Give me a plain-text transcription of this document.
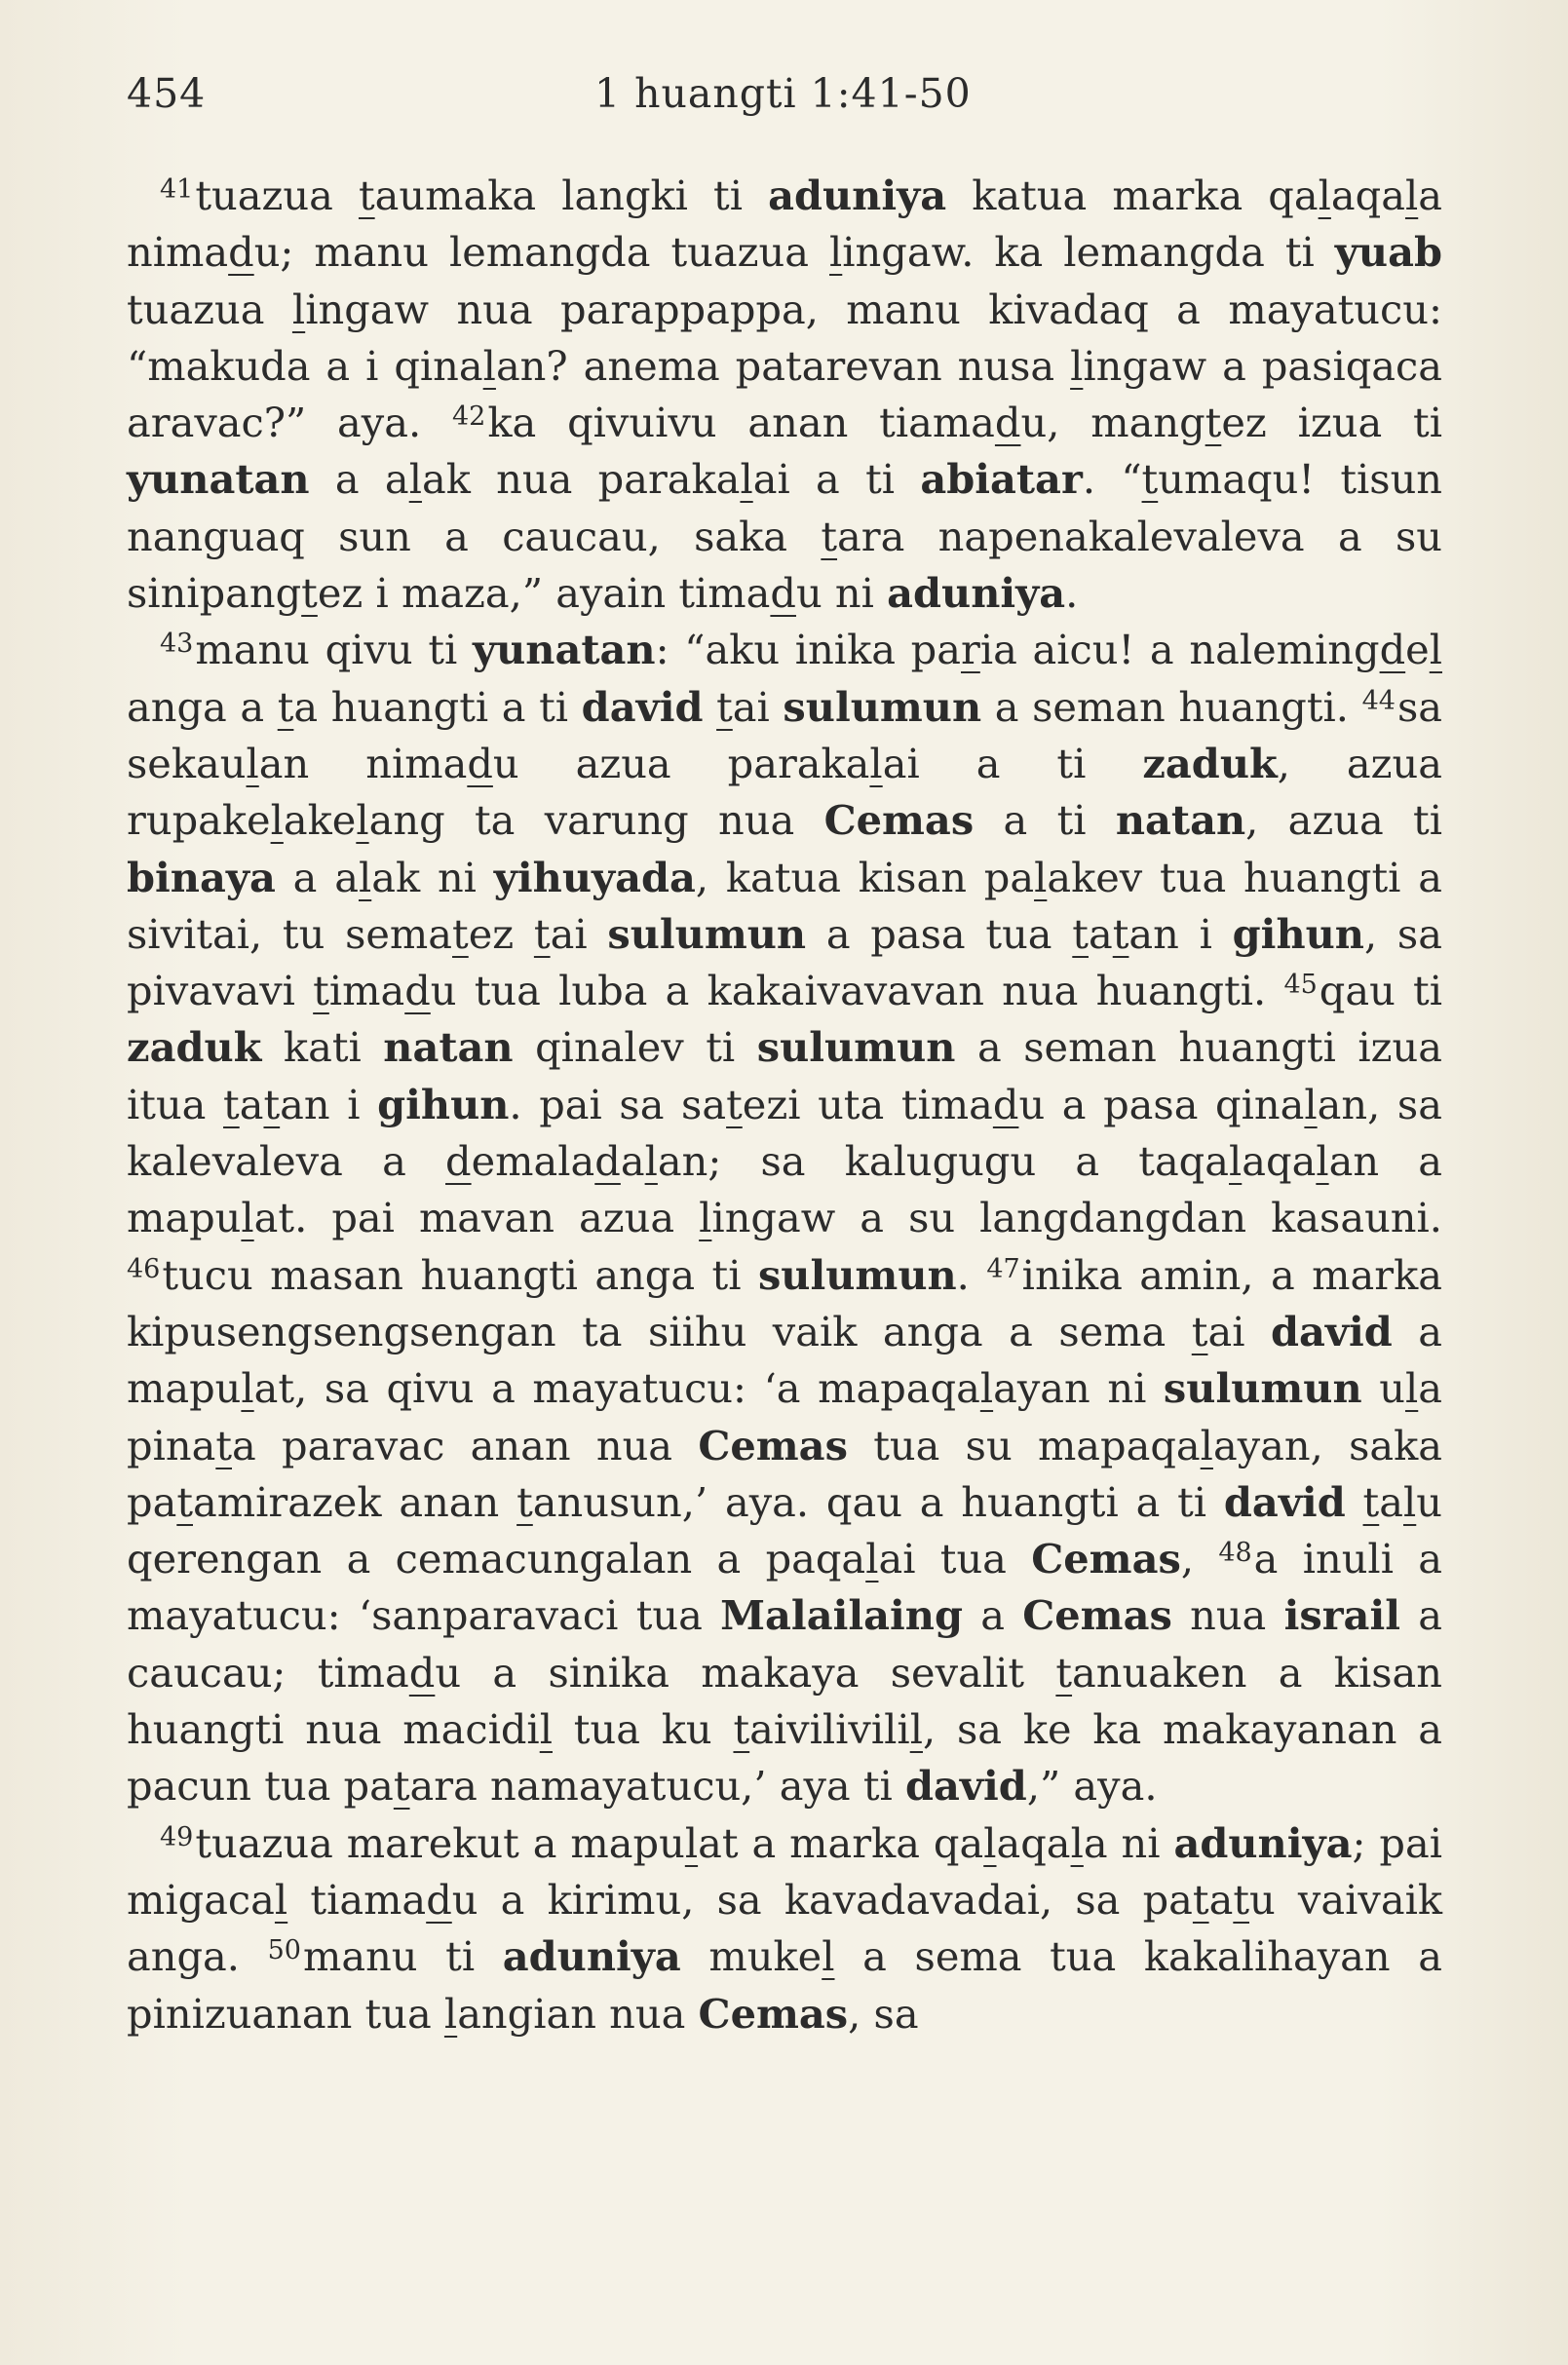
454	1 huangti 1:41-50

$^{41}$tuazua taumaka langki ti aduniya katua marka qalaqala nimadu; manu lemangda tuazua lingaw. ka lemangda ti yuab tuazua lingaw nua parappappa, manu kivadaq a mayatucu: “makuda a i qinalan? anema patarevan nusa lingaw a pasiqaca aravac?” aya. $^{42}$ka qivuivu anan tiamadu, mangtez izua ti yunatan a alak nua parakalai a ti abiatar. “tumaqu! tisun nanguaq sun a caucau, saka tara napenakalevaleva a su sinipangtez i maza,” ayain timadu ni aduniya.

$^{43}$manu qivu ti yunatan: “aku inika paria aicu! a nalemingdel anga a ta huangti a ti david tai sulumun a seman huangti. $^{44}$sa sekaulan nimadu azua parakalai a ti zaduk, azua rupakelakelang ta varung nua Cemas a ti natan, azua ti binaya a alak ni yihuyada, katua kisan palakev tua huangti a sivitai, tu sematez tai sulumun a pasa tua tatan i gihun, sa pivavavi timadu tua luba a kakaivavavan nua huangti. $^{45}$qau ti zaduk kati natan qinalev ti sulumun a seman huangti izua itua tatan i gihun. pai sa satezi uta timadu a pasa qinalan, sa kalevaleva a demaladalan; sa kalugugu a taqalaqalan a mapulat. pai mavan azua lingaw a su langdangdan kasauni. $^{46}$tucu masan huangti anga ti sulumun. $^{47}$inika amin, a marka kipusengsengsengan ta siihu vaik anga a sema tai david a mapulat, sa qivu a mayatucu: ‘a mapaqalayan ni sulumun ula pinata paravac anan nua Cemas tua su mapaqalayan, saka patamirazek anan tanusun,’ aya. qau a huangti a ti david talu qerengan a cemacungalan a paqalai tua Cemas, $^{48}$a inuli a mayatucu: ‘sanparavaci tua Malailaing a Cemas nua israil a caucau; timadu a sinika makaya sevalit tanuaken a kisan huangti nua macidil tua ku taivilivilil, sa ke ka makayanan a pacun tua patara namayatucu,’ aya ti david,” aya.

$^{49}$tuazua marekut a mapulat a marka qalaqala ni aduniya; pai migacal tiamadu a kirimu, sa kavadavadai, sa patatu vaivaik anga. $^{50}$manu ti aduniya mukel a sema tua kakalihayan a pinizuanan tua langian nua Cemas, sa
